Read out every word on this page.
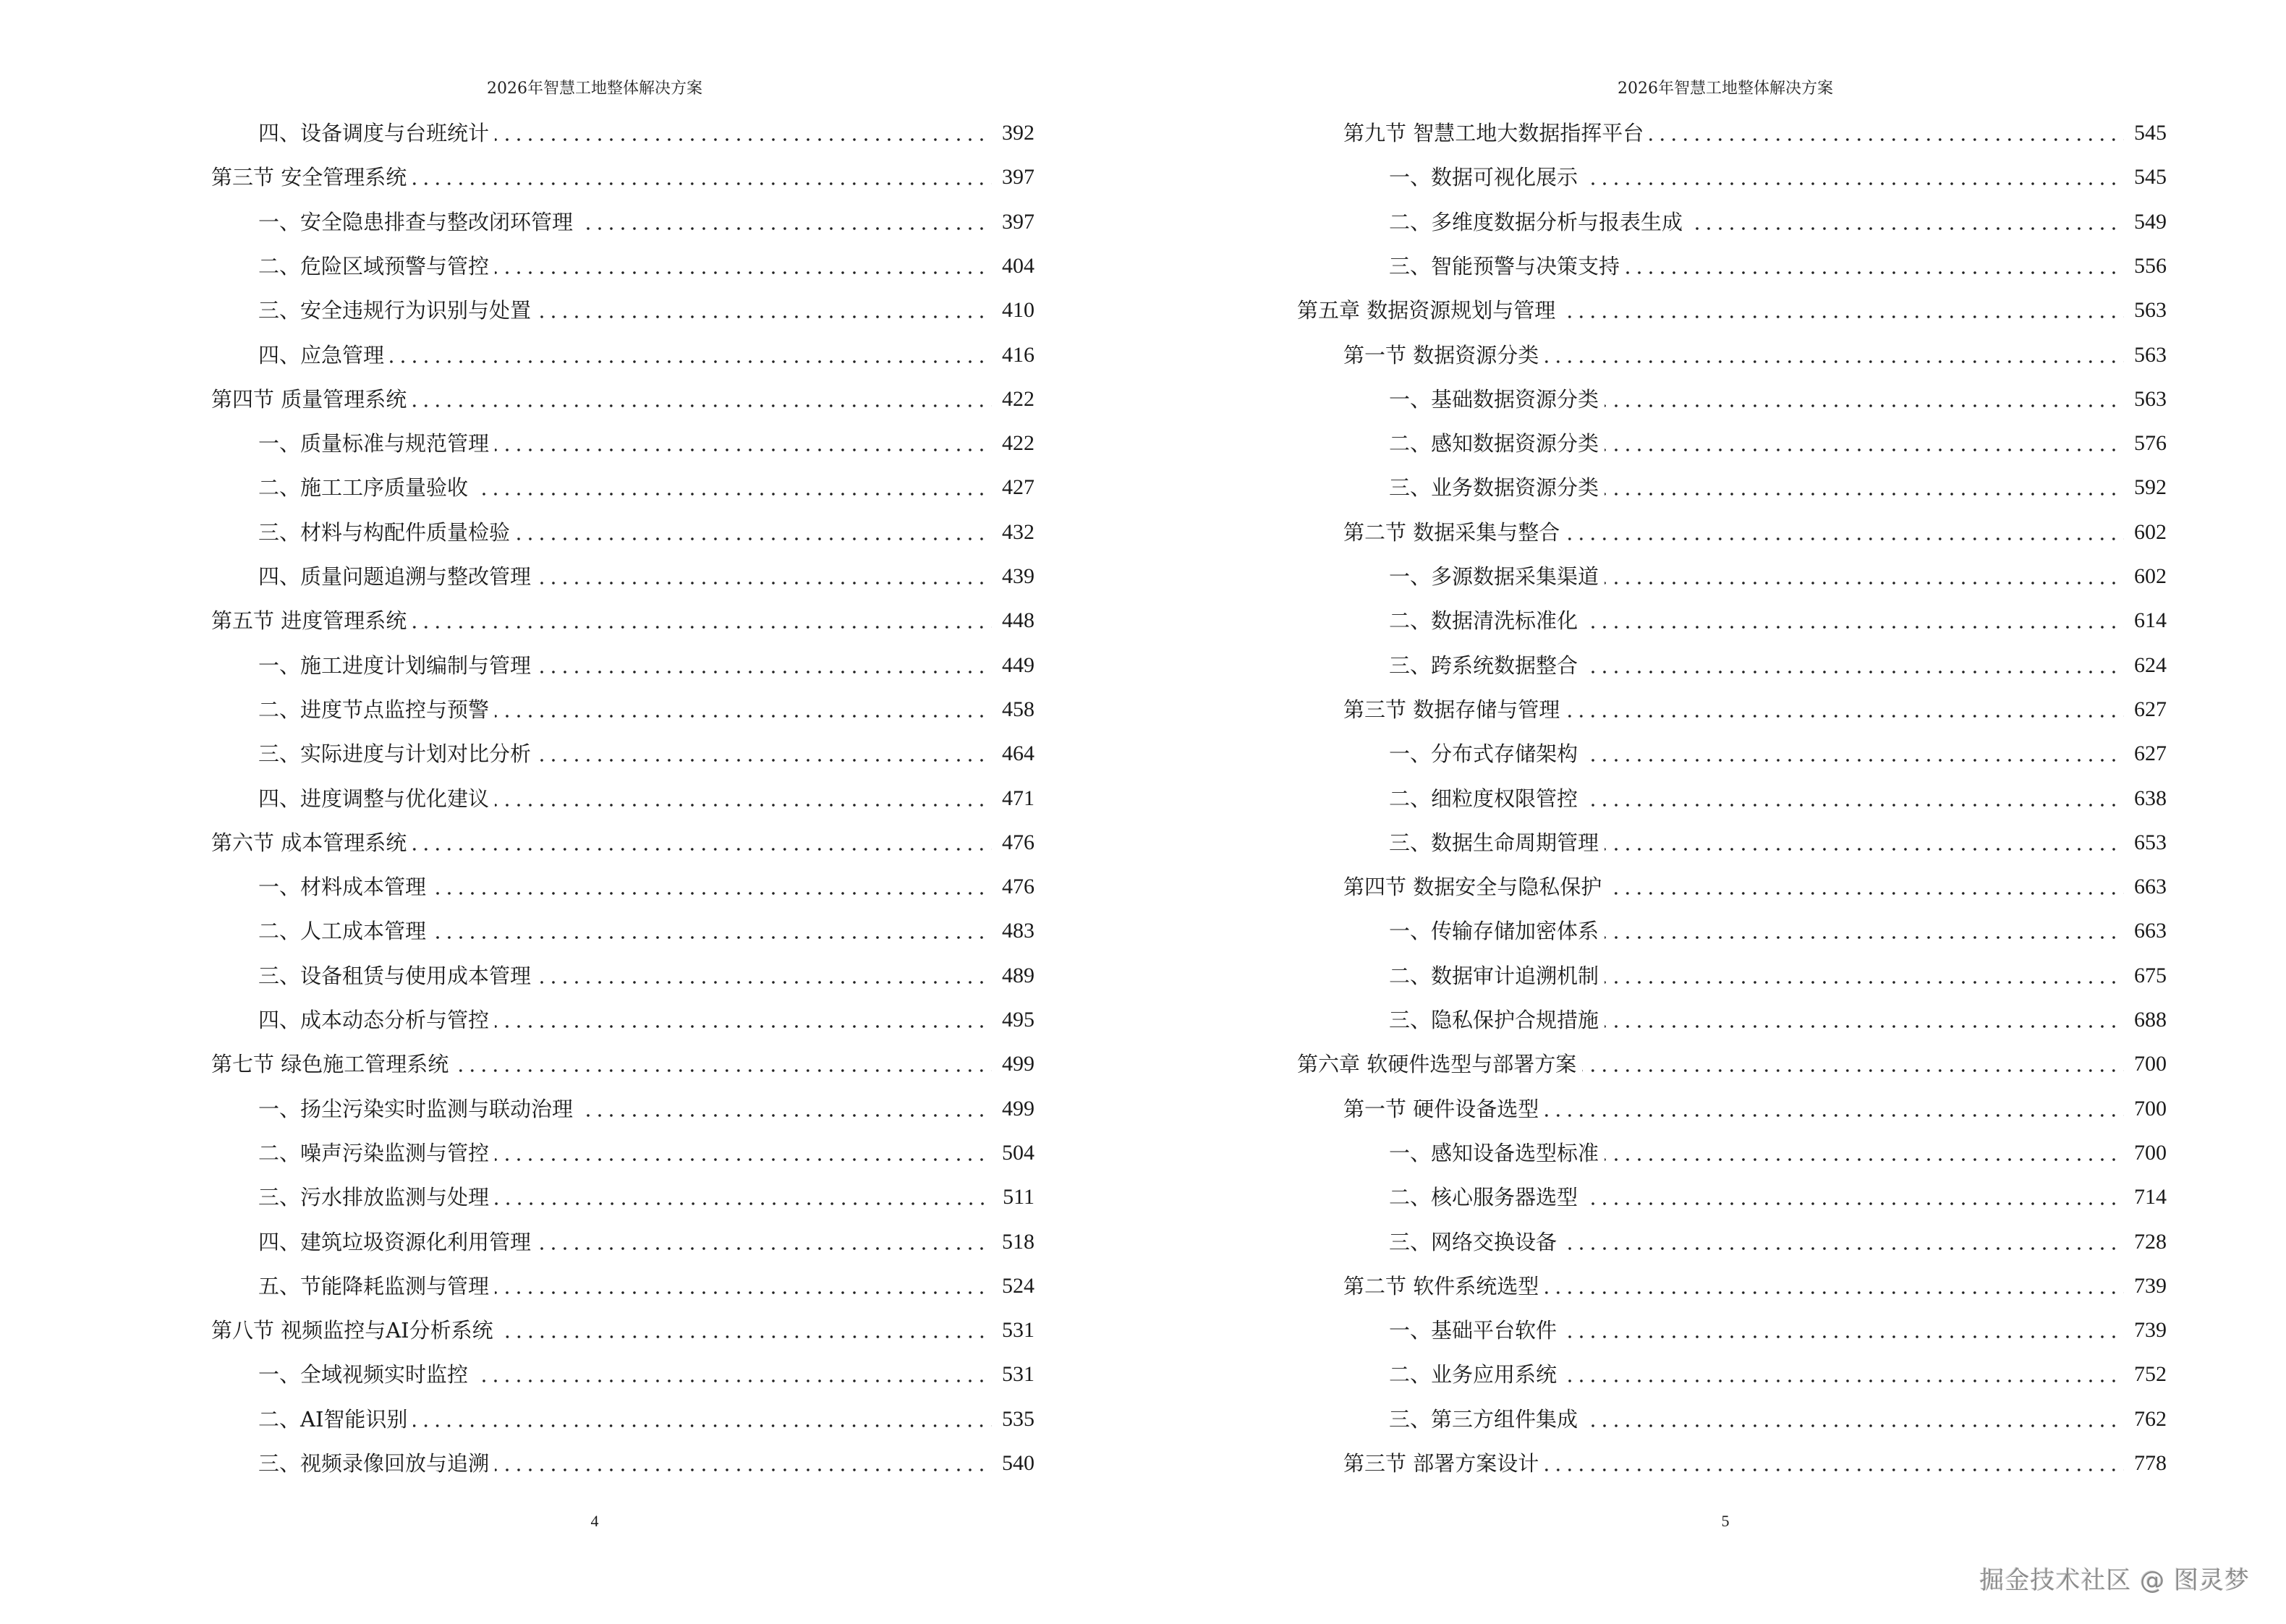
2026年智慧工地整体解决方案
四、设备调度与台班统计	392
第三节 安全管理系统	397
一、安全隐患排查与整改闭环管理	397
二、危险区域预警与管控	404
三、安全违规行为识别与处置	410
四、应急管理	416
第四节 质量管理系统	422
一、质量标准与规范管理	422
二、施工工序质量验收	427
三、材料与构配件质量检验	432
四、质量问题追溯与整改管理	439
第五节 进度管理系统	448
一、施工进度计划编制与管理	449
二、进度节点监控与预警	458
三、实际进度与计划对比分析	464
四、进度调整与优化建议	471
第六节 成本管理系统	476
一、材料成本管理	476
二、人工成本管理	483
三、设备租赁与使用成本管理	489
四、成本动态分析与管控	495
第七节 绿色施工管理系统	499
一、扬尘污染实时监测与联动治理	499
二、噪声污染监测与管控	504
三、污水排放监测与处理	511
四、建筑垃圾资源化利用管理	518
五、节能降耗监测与管理	524
第八节 视频监控与AI分析系统	531
一、全域视频实时监控	531
二、AI智能识别	535
三、视频录像回放与追溯	540
4
2026年智慧工地整体解决方案
第九节 智慧工地大数据指挥平台	545
一、数据可视化展示	545
二、多维度数据分析与报表生成	549
三、智能预警与决策支持	556
第五章 数据资源规划与管理	563
第一节 数据资源分类	563
一、基础数据资源分类	563
二、感知数据资源分类	576
三、业务数据资源分类	592
第二节 数据采集与整合	602
一、多源数据采集渠道	602
二、数据清洗标准化	614
三、跨系统数据整合	624
第三节 数据存储与管理	627
一、分布式存储架构	627
二、细粒度权限管控	638
三、数据生命周期管理	653
第四节 数据安全与隐私保护	663
一、传输存储加密体系	663
二、数据审计追溯机制	675
三、隐私保护合规措施	688
第六章 软硬件选型与部署方案	700
第一节 硬件设备选型	700
一、感知设备选型标准	700
二、核心服务器选型	714
三、网络交换设备	728
第二节 软件系统选型	739
一、基础平台软件	739
二、业务应用系统	752
三、第三方组件集成	762
第三节 部署方案设计	778
5
掘金技术社区 @ 图灵梦
